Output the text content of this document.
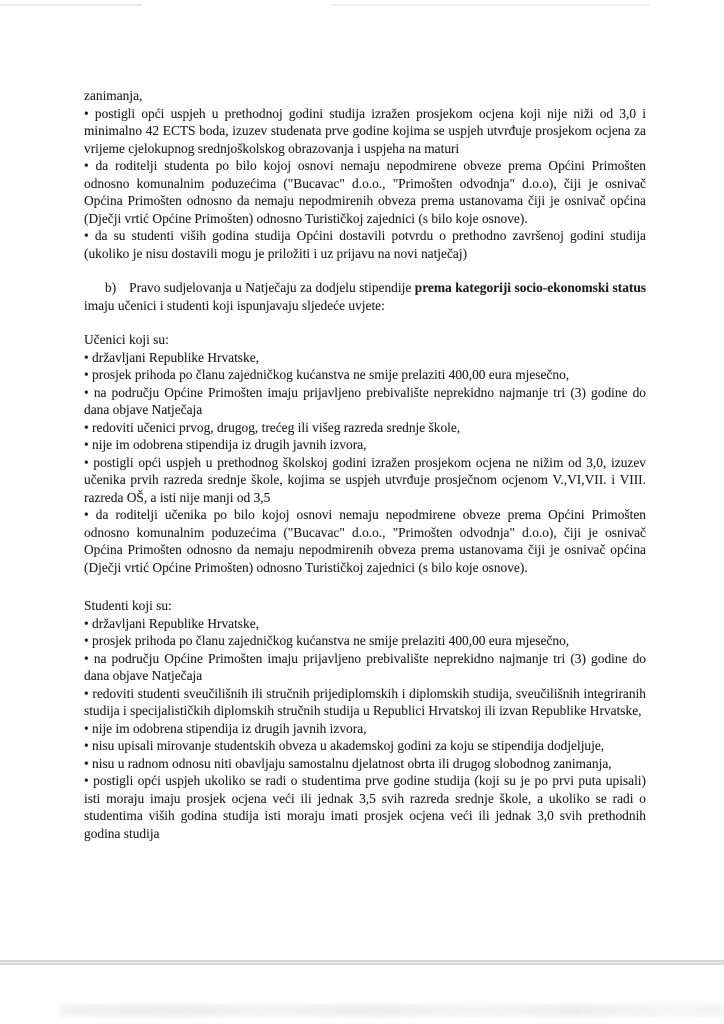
zanimanja,

• postigli opći uspjeh u prethodnoj godini studija izražen prosjekom ocjena koji nije niži od 3,0 i minimalno 42 ECTS boda, izuzev studenata prve godine kojima se uspjeh utvrđuje prosjekom ocjena za vrijeme cjelokupnog srednjoškolskog obrazovanja i uspjeha na maturi

• da roditelji studenta po bilo kojoj osnovi nemaju nepodmirene obveze prema Općini Primošten odnosno komunalnim poduzećima ("Bucavac" d.o.o., "Primošten odvodnja" d.o.o), čiji je osnivač Općina Primošten odnosno da nemaju nepodmirenih obveza prema ustanovama čiji je osnivač općina (Dječji vrtić Općine Primošten) odnosno Turističkoj zajednici (s bilo koje osnove).

• da su studenti viših godina studija Općini dostavili potvrdu o prethodno završenoj godini studija (ukoliko je nisu dostavili mogu je priložiti i uz prijavu na novi natječaj)

b) Pravo sudjelovanja u Natječaju za dodjelu stipendije prema kategoriji socio-ekonomski status imaju učenici i studenti koji ispunjavaju sljedeće uvjete:

Učenici koji su:

• državljani Republike Hrvatske,

• prosjek prihoda po članu zajedničkog kućanstva ne smije prelaziti 400,00 eura mjesečno,

• na području Općine Primošten imaju prijavljeno prebivalište neprekidno najmanje tri (3) godine do dana objave Natječaja

• redoviti učenici prvog, drugog, trećeg ili višeg razreda srednje škole,

• nije im odobrena stipendija iz drugih javnih izvora,

• postigli opći uspjeh u prethodnog školskoj godini izražen prosjekom ocjena ne nižim od 3,0, izuzev učenika prvih razreda srednje škole, kojima se uspjeh utvrđuje prosječnom ocjenom V.,VI,VII. i VIII. razreda OŠ, a isti nije manji od 3,5

• da roditelji učenika po bilo kojoj osnovi nemaju nepodmirene obveze prema Općini Primošten odnosno komunalnim poduzećima ("Bucavac" d.o.o., "Primošten odvodnja" d.o.o), čiji je osnivač Općina Primošten odnosno da nemaju nepodmirenih obveza prema ustanovama čiji je osnivač općina (Dječji vrtić Općine Primošten) odnosno Turističkoj zajednici (s bilo koje osnove).

Studenti koji su:

• državljani Republike Hrvatske,

• prosjek prihoda po članu zajedničkog kućanstva ne smije prelaziti 400,00 eura mjesečno,

• na području Općine Primošten imaju prijavljeno prebivalište neprekidno najmanje tri (3) godine do dana objave Natječaja

• redoviti studenti sveučilišnih ili stručnih prijediplomskih i diplomskih studija, sveučilišnih integriranih studija i specijalističkih diplomskih stručnih studija u Republici Hrvatskoj ili izvan Republike Hrvatske,

• nije im odobrena stipendija iz drugih javnih izvora,

• nisu upisali mirovanje studentskih obveza u akademskoj godini za koju se stipendija dodjeljuje,

• nisu u radnom odnosu niti obavljaju samostalnu djelatnost obrta ili drugog slobodnog zanimanja,

• postigli opći uspjeh ukoliko se radi o studentima prve godine studija (koji su je po prvi puta upisali) isti moraju imaju prosjek ocjena veći ili jednak 3,5 svih razreda srednje škole, a ukoliko se radi o studentima viših godina studija isti moraju imati prosjek ocjena veći ili jednak 3,0 svih prethodnih godina studija
